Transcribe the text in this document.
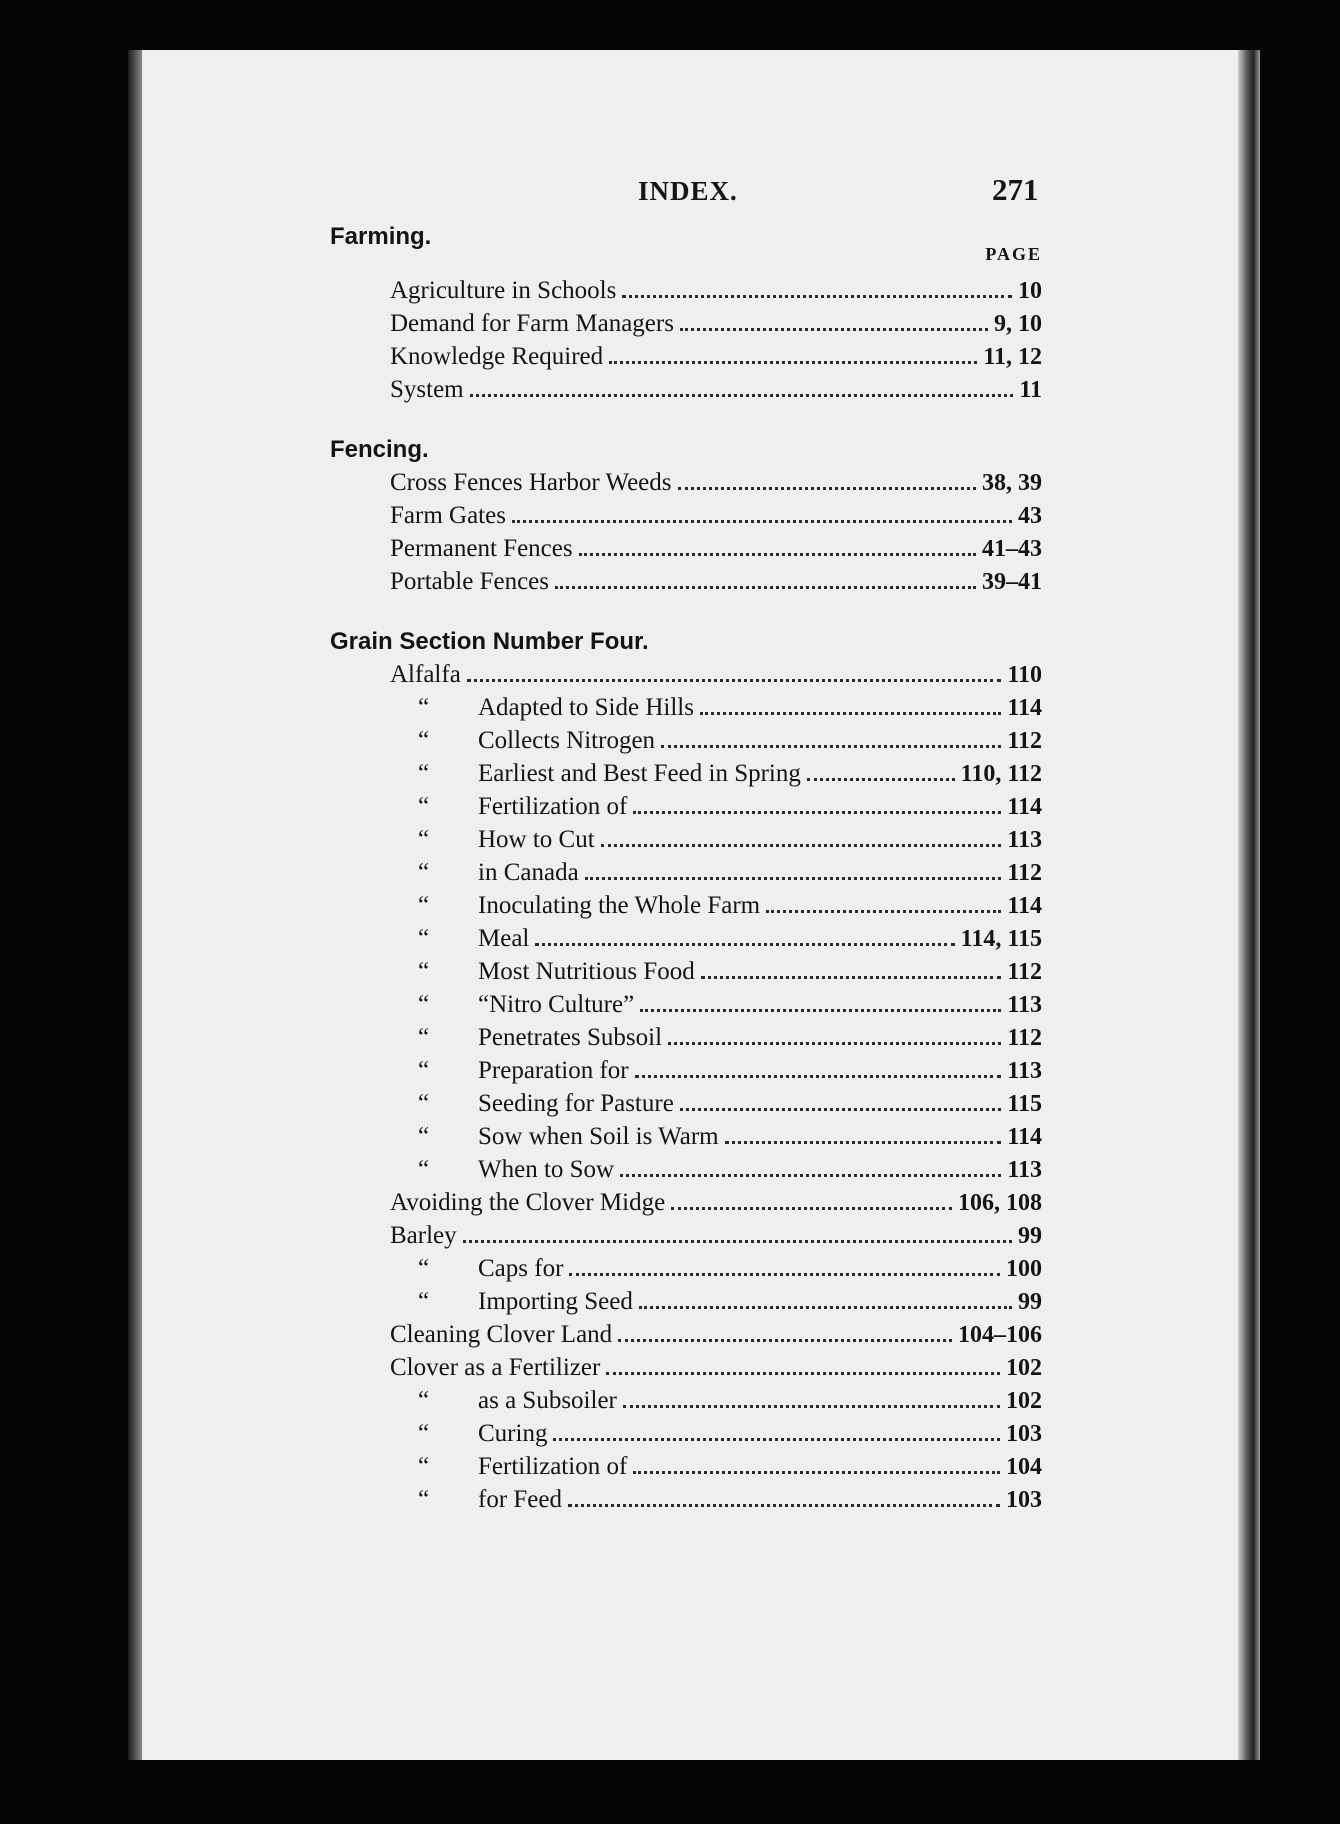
INDEX.	271
Farming.
PAGE
Agriculture in Schools	10
Demand for Farm Managers	9, 10
Knowledge Required	11, 12
System	11
Fencing.
Cross Fences Harbor Weeds	38, 39
Farm Gates	43
Permanent Fences	41–43
Portable Fences	39–41
Grain Section Number Four.
Alfalfa	110
“	Adapted to Side Hills	114
“	Collects Nitrogen	112
“	Earliest and Best Feed in Spring	110, 112
“	Fertilization of	114
“	How to Cut	113
“	in Canada	112
“	Inoculating the Whole Farm	114
“	Meal	114, 115
“	Most Nutritious Food	112
“	“Nitro Culture”	113
“	Penetrates Subsoil	112
“	Preparation for	113
“	Seeding for Pasture	115
“	Sow when Soil is Warm	114
“	When to Sow	113
Avoiding the Clover Midge	106, 108
Barley	99
“	Caps for	100
“	Importing Seed	99
Cleaning Clover Land	104–106
Clover as a Fertilizer	102
“	as a Subsoiler	102
“	Curing	103
“	Fertilization of	104
“	for Feed	103
